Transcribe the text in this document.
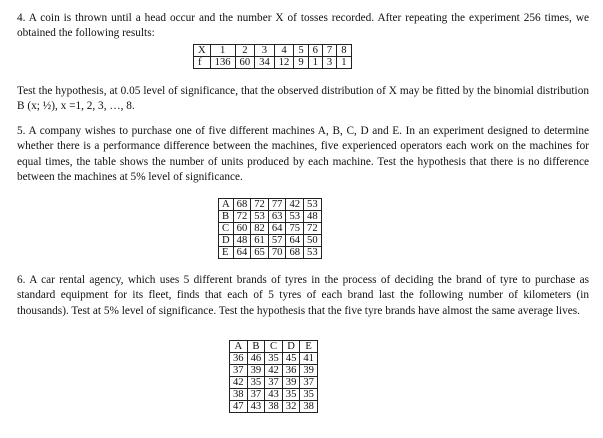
4. A coin is thrown until a head occur and the number X of tosses recorded. After repeating the experiment 256 times, we obtained the following results:

X	1	2	3	4	5	6	7	8
f	136	60	34	12	9	1	3	1

Test the hypothesis, at 0.05 level of significance, that the observed distribution of X may be fitted by the binomial distribution B (x; ½), x =1, 2, 3, …, 8.

5. A company wishes to purchase one of five different machines A, B, C, D and E. In an experiment designed to determine whether there is a performance difference between the machines, five experienced operators each work on the machines for equal times, the table shows the number of units produced by each machine. Test the hypothesis that there is no difference between the machines at 5% level of significance.

A	68	72	77	42	53
B	72	53	63	53	48
C	60	82	64	75	72
D	48	61	57	64	50
E	64	65	70	68	53

6. A car rental agency, which uses 5 different brands of tyres in the process of deciding the brand of tyre to purchase as standard equipment for its fleet, finds that each of 5 tyres of each brand last the following number of kilometers (in thousands). Test at 5% level of significance. Test the hypothesis that the five tyre brands have almost the same average lives.

A	B	C	D	E
36	46	35	45	41
37	39	42	36	39
42	35	37	39	37
38	37	43	35	35
47	43	38	32	38
